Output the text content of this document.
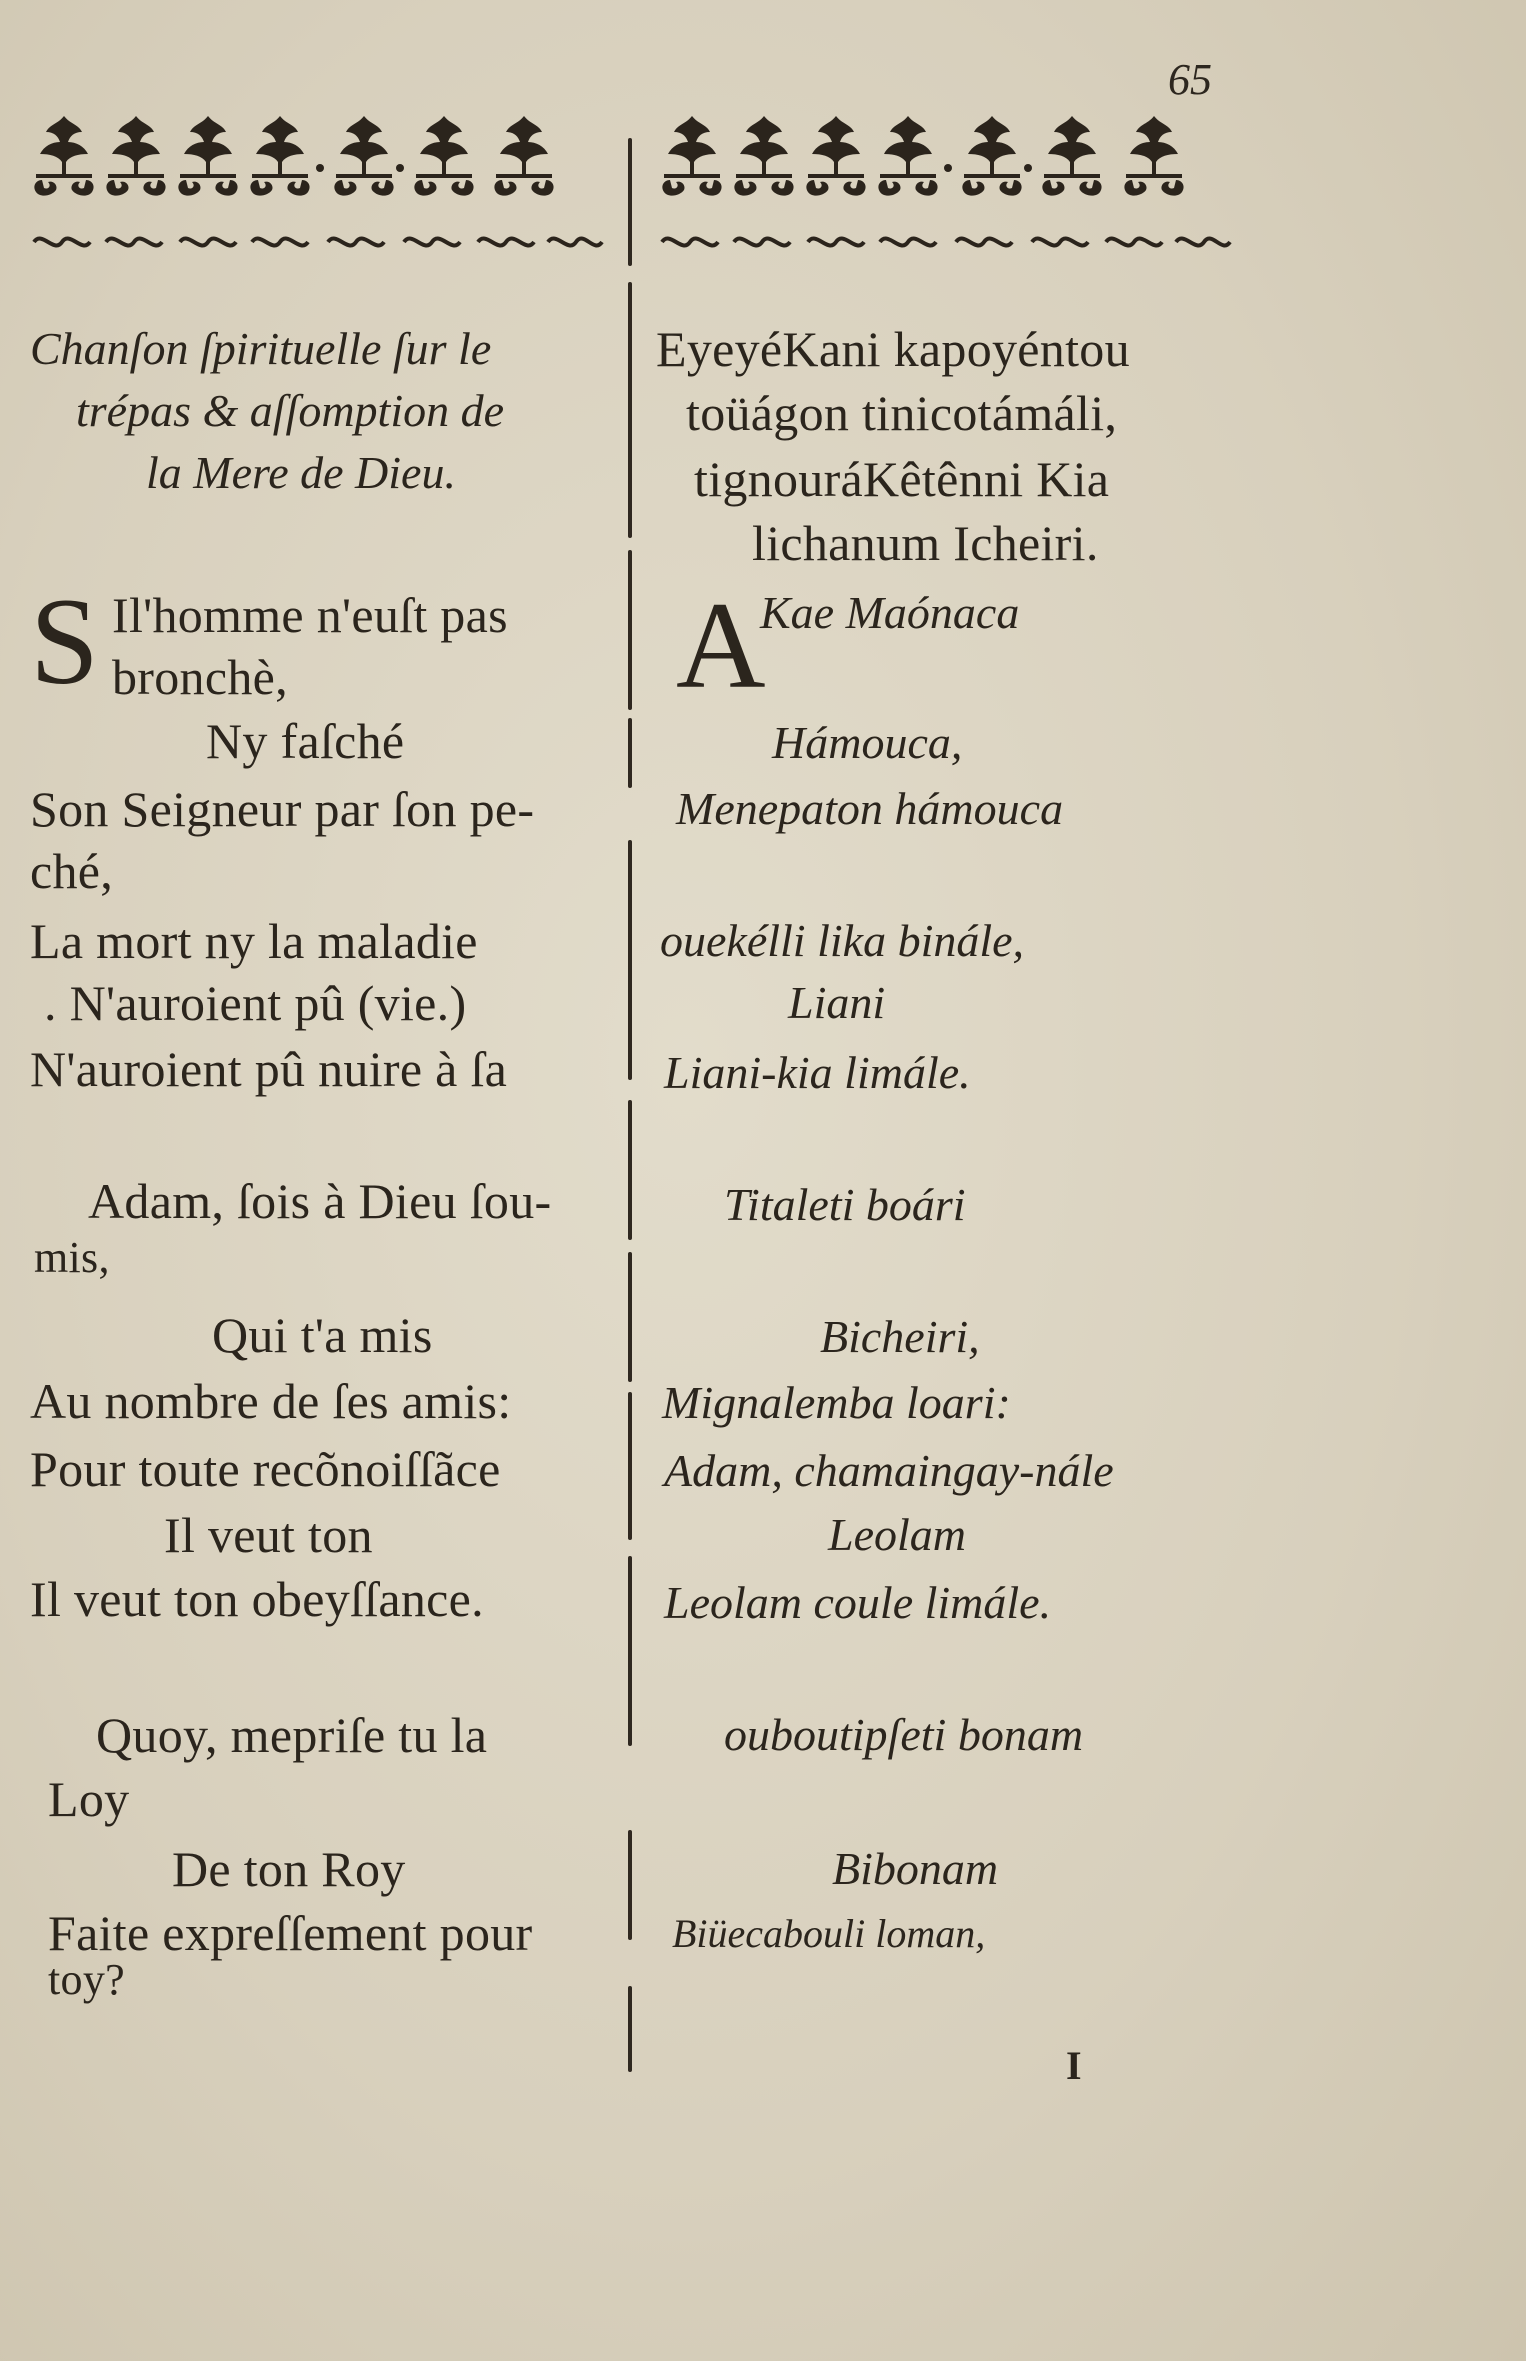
65
Chanſon ſpirituelle ſur le
trépas & aſſomption de
la Mere de Dieu.
S Il'homme n'euſt pas
bronchè,
Ny faſché
Son Seigneur par ſon pe-
ché,
La mort ny la maladie
. N'auroient pû (vie.)
N'auroient pû nuire à ſa
Adam, ſois à Dieu ſou-
mis,
Qui t'a mis
Au nombre de ſes amis:
Pour toute recõnoiſſãce
Il veut ton
Il veut ton obeyſſance.
Quoy, mepriſe tu la
Loy
De ton Roy
Faite expreſſement pour
toy?
EyeyéKani kapoyéntou
toüágon tinicotámáli,
tignouráKêtênni Kia
lichanum Icheiri.
A
Kae Maónaca
Hámouca,
Menepaton hámouca
ouekélli lika binále,
Liani
Liani-kia limále.
Titaleti boári
Bicheiri,
Mignalemba loari:
Adam, chamaingay-nále
Leolam
Leolam coule limále.
ouboutipſeti bonam
Bibonam
Biüecabouli loman,
I
